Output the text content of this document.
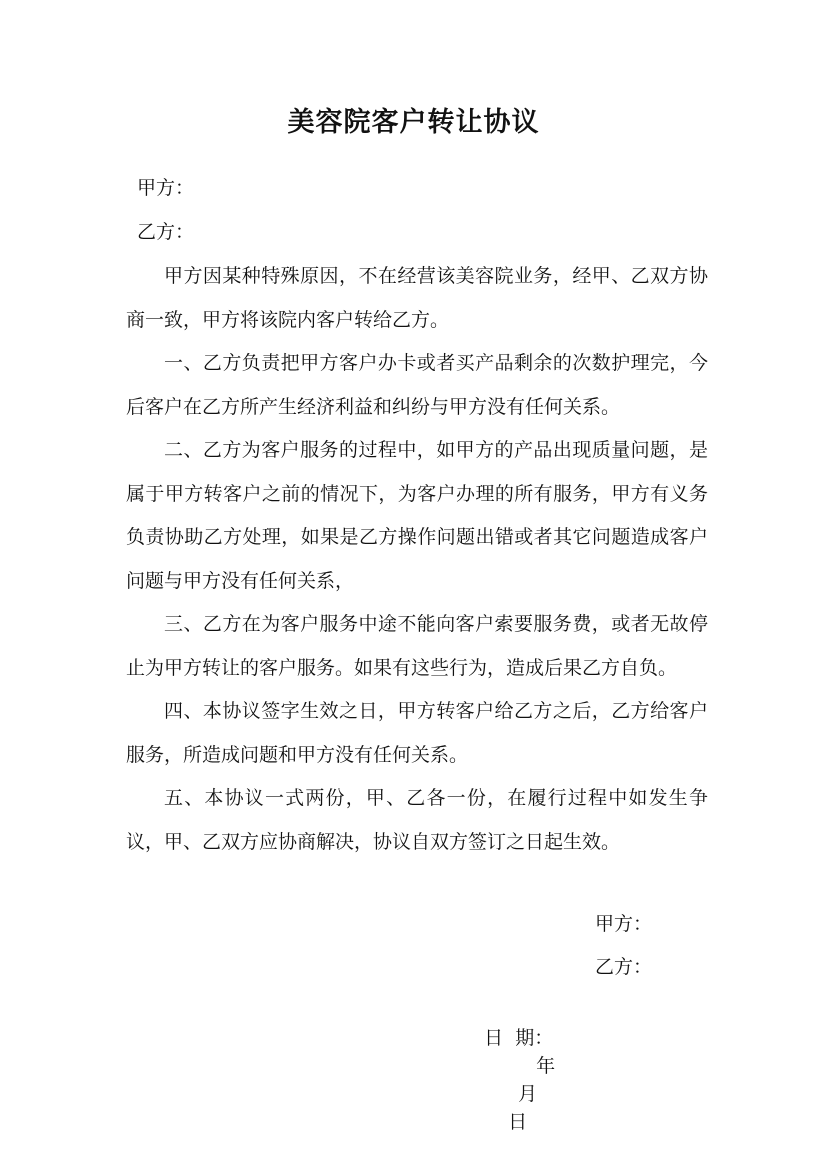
美容院客户转让协议
甲方：
乙方：

甲方因某种特殊原因，不在经营该美容院业务，经甲、乙双方协商一致，甲方将该院内客户转给乙方。

一、乙方负责把甲方客户办卡或者买产品剩余的次数护理完，今后客户在乙方所产生经济利益和纠纷与甲方没有任何关系。

二、乙方为客户服务的过程中，如甲方的产品出现质量问题，是属于甲方转客户之前的情况下，为客户办理的所有服务，甲方有义务负责协助乙方处理，如果是乙方操作问题出错或者其它问题造成客户问题与甲方没有任何关系，

三、乙方在为客户服务中途不能向客户索要服务费，或者无故停止为甲方转让的客户服务。如果有这些行为，造成后果乙方自负。

四、本协议签字生效之日，甲方转客户给乙方之后，乙方给客户服务，所造成问题和甲方没有任何关系。

五、本协议一式两份，甲、乙各一份，在履行过程中如发生争议，甲、乙双方应协商解决，协议自双方签订之日起生效。

甲方：
乙方：

日  期：
年
月
日
